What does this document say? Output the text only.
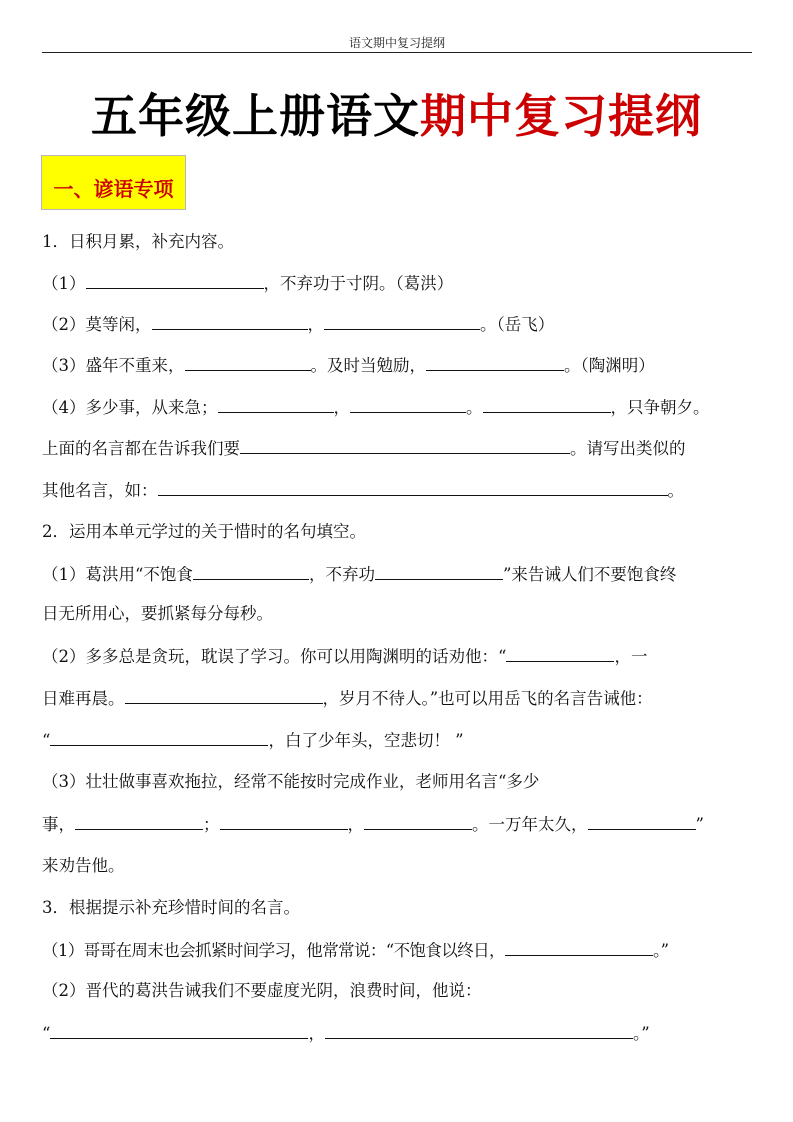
语文期中复习提纲
五年级上册语文期中复习提纲
一、谚语专项
1．日积月累，补充内容。
（1）	，不弃功于寸阴。（葛洪）
（2）莫等闲，	，	。（岳飞）
（3）盛年不重来，	。及时当勉励，	。（陶渊明）
（4）多少事，从来急；	，	。	，只争朝夕。
上面的名言都在告诉我们要	。请写出类似的
其他名言，如：	。
2．运用本单元学过的关于惜时的名句填空。
（1）葛洪用“不饱食	，不弃功	”来告诫人们不要饱食终
日无所用心，要抓紧每分每秒。
（2）多多总是贪玩，耽误了学习。你可以用陶渊明的话劝他：“	，一
日难再晨。	，岁月不待人。”也可以用岳飞的名言告诫他：
“	，白了少年头，空悲切！ ”
（3）壮壮做事喜欢拖拉，经常不能按时完成作业，老师用名言“多少
事，	；	，	。一万年太久，	”
来劝告他。
3．根据提示补充珍惜时间的名言。
（1）哥哥在周末也会抓紧时间学习，他常常说：“不饱食以终日，	。”
（2）晋代的葛洪告诫我们不要虚度光阴，浪费时间，他说：
“	，	。”
